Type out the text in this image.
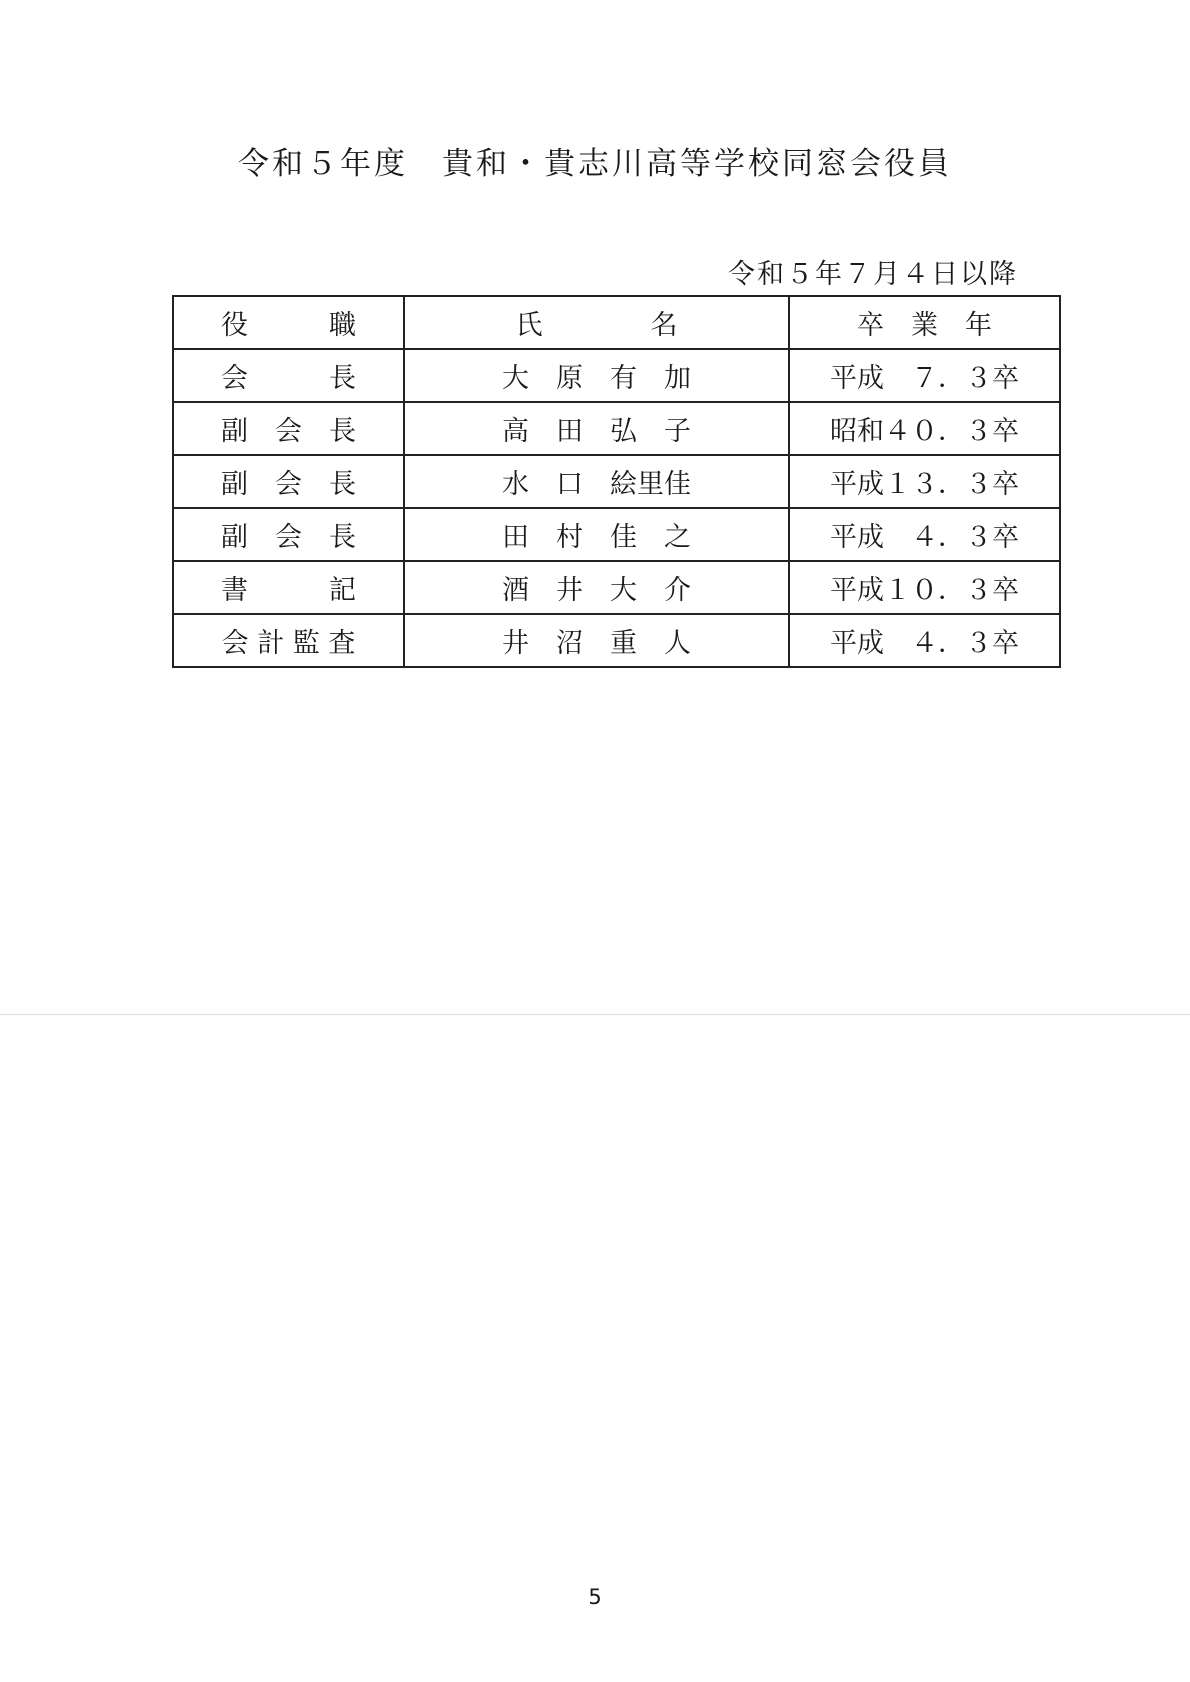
令和５年度　貴和・貴志川高等学校同窓会役員
令和５年７月４日以降
役　　　職	氏　　　　名	卒　業　年
会　　　長	大　原　有　加	平成　７．３卒
副　会　長	高　田　弘　子	昭和４０．３卒
副　会　長	水　口　絵里佳	平成１３．３卒
副　会　長	田　村　佳　之	平成　４．３卒
書　　　記	酒　井　大　介	平成１０．３卒
会 計 監 査	井　沼　重　人	平成　４．３卒
5
